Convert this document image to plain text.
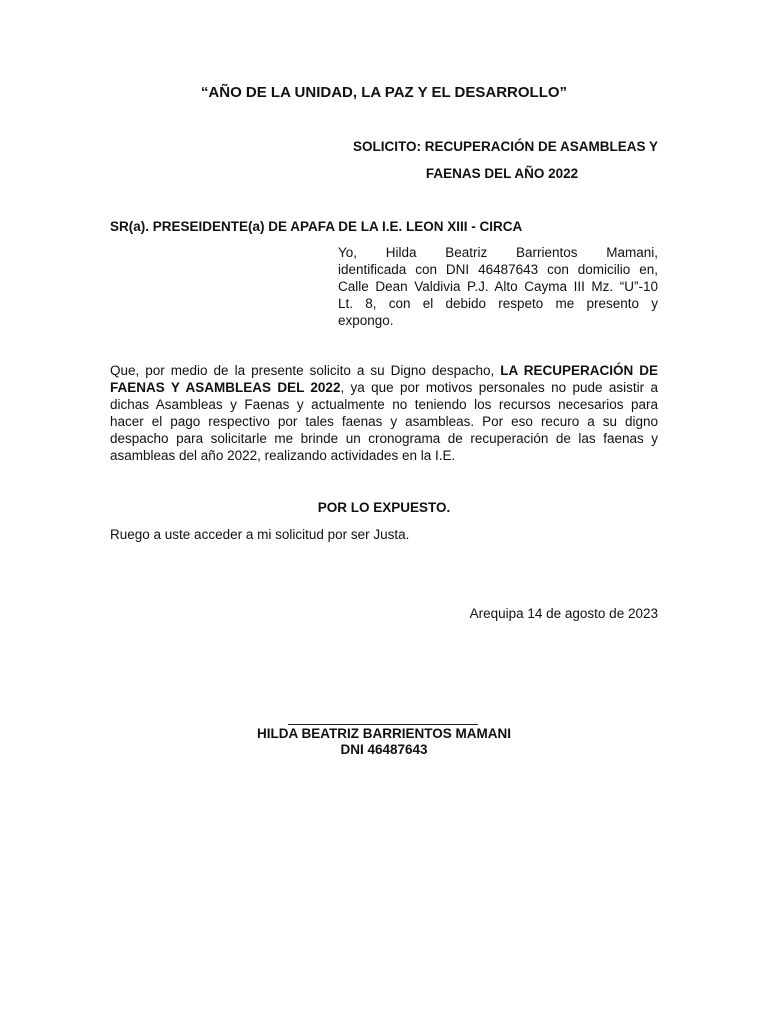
“AÑO DE LA UNIDAD, LA PAZ Y EL DESARROLLO”
SOLICITO: RECUPERACIÓN DE ASAMBLEAS Y
FAENAS DEL AÑO 2022
SR(a). PRESEIDENTE(a) DE APAFA DE LA I.E. LEON XIII - CIRCA
Yo, Hilda Beatriz Barrientos Mamani,
identificada con DNI 46487643 con domicilio en,
Calle Dean Valdivia P.J. Alto Cayma III Mz. “U”-10
Lt. 8, con el debido respeto me presento y
expongo.
Que, por medio de la presente solicito a su Digno despacho, LA RECUPERACIÓN DE
FAENAS Y ASAMBLEAS DEL 2022, ya que por motivos personales no pude asistir a
dichas Asambleas y Faenas y actualmente no teniendo los recursos necesarios para
hacer el pago respectivo por tales faenas y asambleas. Por eso recuro a su digno
despacho para solicitarle me brinde un cronograma de recuperación de las faenas y
asambleas del año 2022, realizando actividades en la I.E.
POR LO EXPUESTO.
Ruego a uste acceder a mi solicitud por ser Justa.
Arequipa 14 de agosto de 2023
HILDA BEATRIZ BARRIENTOS MAMANI
DNI 46487643
